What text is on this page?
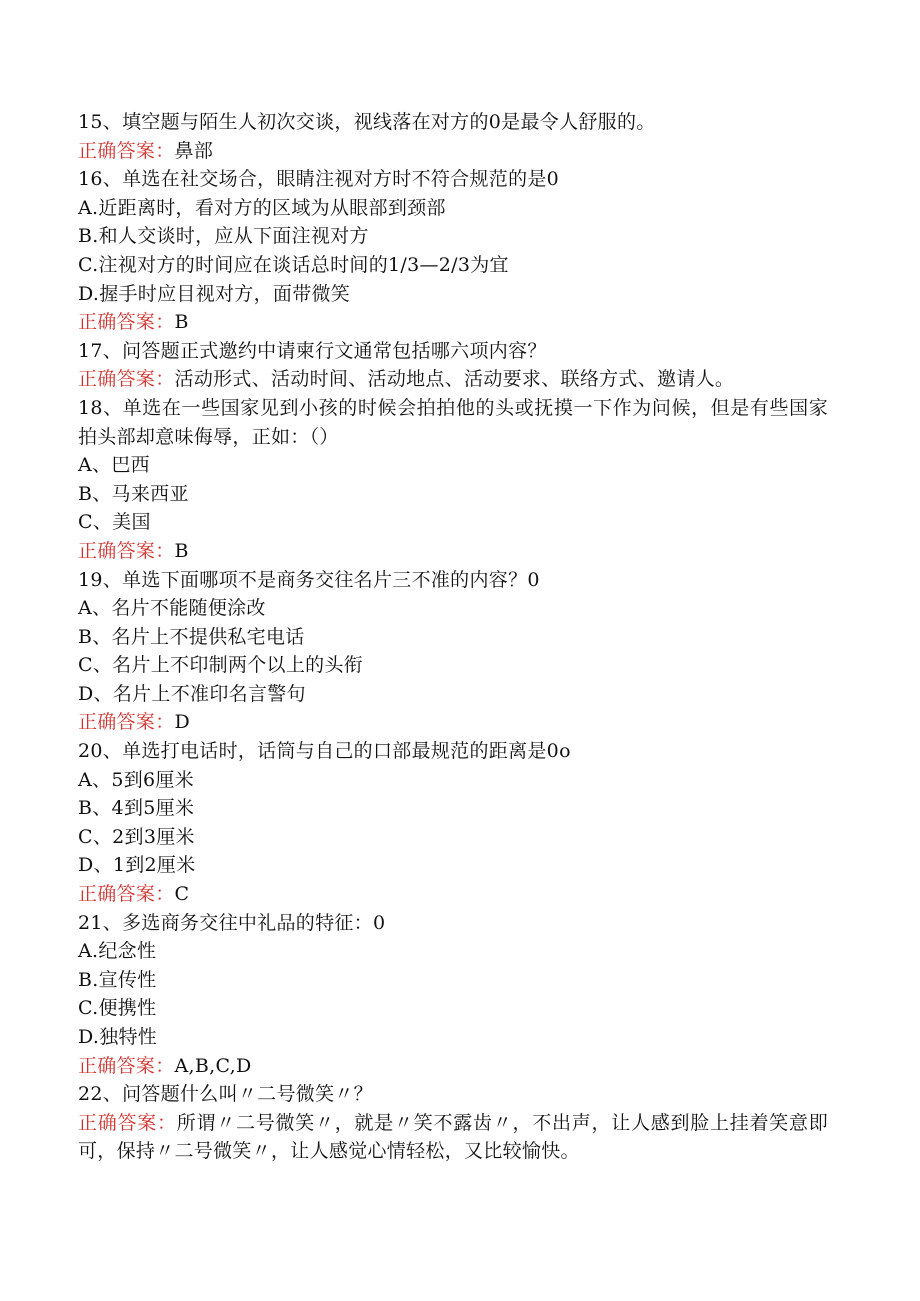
15、填空题与陌生人初次交谈，视线落在对方的0是最令人舒服的。
正确答案：鼻部
16、单选在社交场合，眼睛注视对方时不符合规范的是0
A.近距离时，看对方的区域为从眼部到颈部
B.和人交谈时，应从下面注视对方
C.注视对方的时间应在谈话总时间的1/3—2/3为宜
D.握手时应目视对方，面带微笑
正确答案：B
17、问答题正式邀约中请柬行文通常包括哪六项内容？
正确答案：活动形式、活动时间、活动地点、活动要求、联络方式、邀请人。
18、单选在一些国家见到小孩的时候会拍拍他的头或抚摸一下作为问候，但是有些国家拍头部却意味侮辱，正如：（）
A、巴西
B、马来西亚
C、美国
正确答案：B
19、单选下面哪项不是商务交往名片三不准的内容？0
A、名片不能随便涂改
B、名片上不提供私宅电话
C、名片上不印制两个以上的头衔
D、名片上不准印名言警句
正确答案：D
20、单选打电话时，话筒与自己的口部最规范的距离是0o
A、5到6厘米
B、4到5厘米
C、2到3厘米
D、1到2厘米
正确答案：C
21、多选商务交往中礼品的特征：0
A.纪念性
B.宣传性
C.便携性
D.独特性
正确答案：A,B,C,D
22、问答题什么叫〃二号微笑〃？
正确答案：所谓〃二号微笑〃，就是〃笑不露齿〃，不出声，让人感到脸上挂着笑意即可，保持〃二号微笑〃，让人感觉心情轻松，又比较愉快。
